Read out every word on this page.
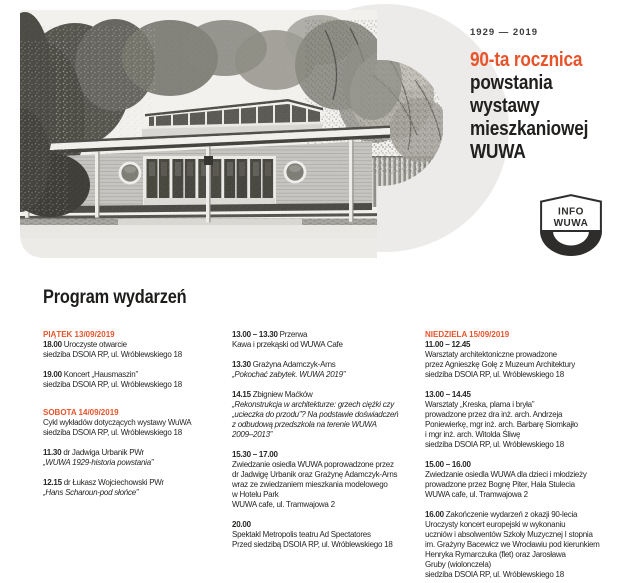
1929 — 2019
90-ta rocznica
powstania
wystawy
mieszkaniowej
WUWA
INFO
WUWA
Program wydarzeń
PIĄTEK 13/09/2019
18.00 Uroczyste otwarcie
siedziba DSOIA RP, ul. Wróblewskiego 18
19.00 Koncert „Hausmaszin”
siedziba DSOIA RP, ul. Wróblewskiego 18
SOBOTA 14/09/2019
Cykl wykładów dotyczących wystawy WuWA
siedziba DSOIA RP, ul. Wróblewskiego 18
11.30 dr Jadwiga Urbanik PWr
„WUWA 1929-historia powstania”
12.15 dr Łukasz Wojciechowski PWr
„Hans Scharoun-pod słońce”
13.00 – 13.30 Przerwa
Kawa i przekąski od WUWA Cafe
13.30 Grażyna Adamczyk-Arns
„Pokochać zabytek. WUWA 2019”
14.15 Zbigniew Maćków
„Rekonstrukcja w architekturze: grzech ciężki czy
„ucieczka do przodu”? Na podstawie doświadczeń
z odbudową przedszkola na terenie WUWA
2009–2013”
15.30 – 17.00
Zwiedzanie osiedla WUWA poprowadzone przez
dr Jadwigę Urbanik oraz Grażynę Adamczyk-Arns
wraz ze zwiedzaniem mieszkania modelowego
w Hotelu Park
WUWA cafe, ul. Tramwajowa 2
20.00
Spektakl Metropolis teatru Ad Spectatores
Przed siedzibą DSOIA RP, ul. Wróblewskiego 18
NIEDZIELA 15/09/2019
11.00 – 12.45
Warsztaty architektoniczne prowadzone
przez Agnieszkę Golę z Muzeum Architektury
siedziba DSOIA RP, ul. Wróblewskiego 18
13.00 – 14.45
Warsztaty „Kreska, plama i bryła”
prowadzone przez dra inż. arch. Andrzeja
Poniewierkę, mgr inż. arch. Barbarę Siomkajło
i mgr inż. arch. Witolda Śliwę
siedziba DSOIA RP, ul. Wróblewskiego 18
15.00 – 16.00
Zwiedzanie osiedla WUWA dla dzieci i młodzieży
prowadzone przez Bognę Piter, Hala Stulecia
WUWA cafe, ul. Tramwajowa 2
16.00 Zakończenie wydarzeń z okazji 90-lecia
Uroczysty koncert europejski w wykonaniu
uczniów i absolwentów Szkoły Muzycznej I stopnia
im. Grażyny Bacewicz we Wrocławiu pod kierunkiem
Henryka Rymarczuka (flet) oraz Jarosława
Gruby (wiolonczela)
siedziba DSOIA RP, ul. Wróblewskiego 18
